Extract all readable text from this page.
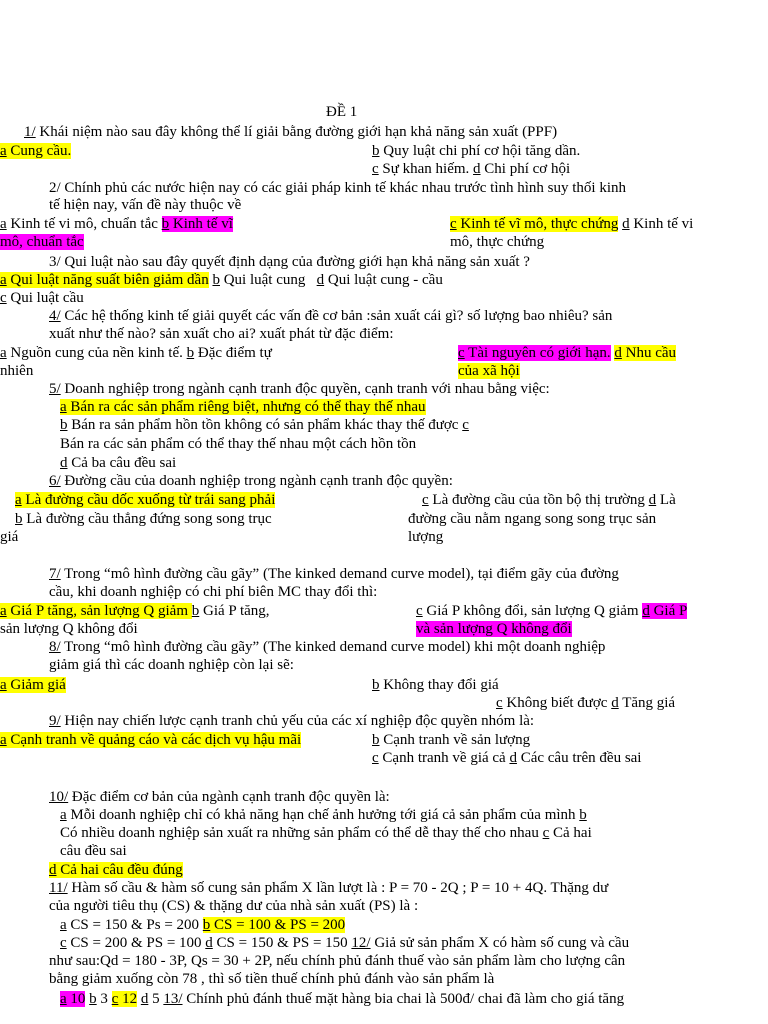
ĐỀ 1
1/ Khái niệm nào sau đây không thể lí giải bằng đường giới hạn khả năng sản xuất (PPF)
a Cung cầu.	b Quy luật chi phí cơ hội tăng dần.
c Sự khan hiếm. d Chi phí cơ hội
2/ Chính phủ các nước hiện nay có các giải pháp kinh tế khác nhau trước tình hình suy thối kinh
tế hiện nay, vấn đề này thuộc về
a Kinh tế vi mô, chuẩn tắc b Kinh tế vĩ
mô, chuẩn tắc
c Kinh tế vĩ mô, thực chứng d Kinh tế vi
mô, thực chứng
3/ Qui luật nào sau đây quyết định dạng của đường giới hạn khả năng sản xuất ?
a Qui luật năng suất biên giảm dần b Qui luật cung d Qui luật cung - cầu
c Qui luật cầu
4/ Các hệ thống kinh tế giải quyết các vấn đề cơ bản :sản xuất cái gì? số lượng bao nhiêu? sản
xuất như thế nào? sản xuất cho ai? xuất phát từ đặc điểm:
a Nguồn cung của nền kinh tế. b Đặc điểm tự
nhiên
c Tài nguyên có giới hạn. d Nhu cầu
của xã hội
5/ Doanh nghiệp trong ngành cạnh tranh độc quyền, cạnh tranh với nhau bằng việc:
a Bán ra các sản phẩm riêng biệt, nhưng có thể thay thế nhau
b Bán ra sản phẩm hồn tồn không có sản phẩm khác thay thế được c
Bán ra các sản phẩm có thể thay thế nhau một cách hồn tồn
d Cả ba câu đều sai
6/ Đường cầu của doanh nghiệp trong ngành cạnh tranh độc quyền:
a Là đường cầu dốc xuống từ trái sang phải	c Là đường cầu của tồn bộ thị trường d Là
b Là đường cầu thẳng đứng song song trục
giá
đường cầu nằm ngang song song trục sản
lượng
7/ Trong “mô hình đường cầu gãy” (The kinked demand curve model), tại điểm gãy của đường
cầu, khi doanh nghiệp có chi phí biên MC thay đổi thì:
a Giá P tăng, sản lượng Q giảm b Giá P tăng,
sản lượng Q không đổi
c Giá P không đổi, sản lượng Q giảm d Giá P
và sản lượng Q không đổi
8/ Trong “mô hình đường cầu gãy” (The kinked demand curve model) khi một doanh nghiệp
giảm giá thì các doanh nghiệp còn lại sẽ:
a Giảm giá	b Không thay đổi giá
c Không biết được d Tăng giá
9/ Hiện nay chiến lược cạnh tranh chủ yếu của các xí nghiệp độc quyền nhóm là:
a Cạnh tranh về quảng cáo và các dịch vụ hậu mãi	b Cạnh tranh về sản lượng
c Cạnh tranh về giá cả d Các câu trên đều sai
10/ Đặc điểm cơ bản của ngành cạnh tranh độc quyền là:
a Mỗi doanh nghiệp chỉ có khả năng hạn chế ảnh hưởng tới giá cả sản phẩm của mình b
Có nhiều doanh nghiệp sản xuất ra những sản phẩm có thể dễ thay thế cho nhau c Cả hai
câu đều sai
d Cả hai câu đều đúng
11/ Hàm số cầu & hàm số cung sản phẩm X lần lượt là : P = 70 - 2Q ; P = 10 + 4Q. Thặng dư
của người tiêu thụ (CS) & thặng dư của nhà sản xuất (PS) là :
a CS = 150 & Ps = 200 b CS = 100 & PS = 200
c CS = 200 & PS = 100 d CS = 150 & PS = 150 12/ Giả sử sản phẩm X có hàm số cung và cầu
như sau:Qd = 180 - 3P, Qs = 30 + 2P, nếu chính phủ đánh thuế vào sản phẩm làm cho lượng cân
bằng giảm xuống còn 78 , thì số tiền thuế chính phủ đánh vào sản phẩm là
a 10 b 3 c 12 d 5 13/ Chính phủ đánh thuế mặt hàng bia chai là 500đ/ chai đã làm cho giá tăng
